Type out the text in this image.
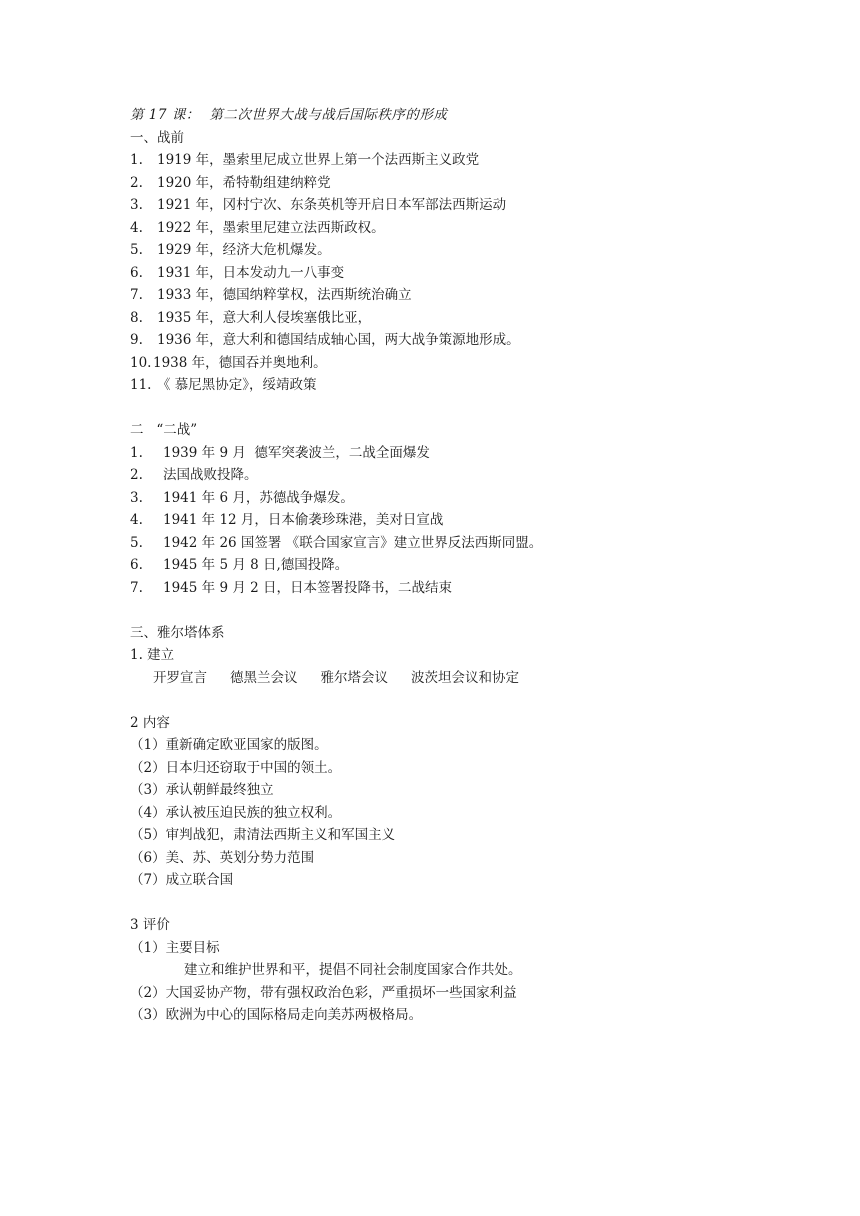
第 17 课：  第二次世界大战与战后国际秩序的形成
一、战前
1. 1919 年，墨索里尼成立世界上第一个法西斯主义政党
2. 1920 年，希特勒组建纳粹党
3. 1921 年，冈村宁次、东条英机等开启日本军部法西斯运动
4. 1922 年，墨索里尼建立法西斯政权。
5. 1929 年，经济大危机爆发。
6. 1931 年，日本发动九一八事变
7. 1933 年，德国纳粹掌权，法西斯统治确立
8. 1935 年，意大利人侵埃塞俄比亚，
9. 1936 年，意大利和德国结成轴心国，两大战争策源地形成。
10. 1938 年，德国吞并奥地利。
11. 《 慕尼黑协定》，绥靖政策
二   “二战”
1. 1939 年 9 月  德军突袭波兰，二战全面爆发
2. 法国战败投降。
3. 1941 年 6 月，苏德战争爆发。
4. 1941 年 12 月，日本偷袭珍珠港，美对日宣战
5. 1942 年 26 国签署 《联合国家宣言》建立世界反法西斯同盟。
6. 1945 年 5 月 8 日,德国投降。
7. 1945 年 9 月 2 日，日本签署投降书，二战结束
三、雅尔塔体系
1. 建立
开罗宣言 德黑兰会议 雅尔塔会议 波茨坦会议和协定
2 内容
（1）重新确定欧亚国家的版图。
（2）日本归还窃取于中国的领土。
（3）承认朝鲜最终独立
（4）承认被压迫民族的独立权利。
（5）审判战犯，肃清法西斯主义和军国主义
（6）美、苏、英划分势力范围
（7）成立联合国
3 评价
（1）主要目标
建立和维护世界和平，提倡不同社会制度国家合作共处。
（2）大国妥协产物，带有强权政治色彩，严重损坏一些国家利益
（3）欧洲为中心的国际格局走向美苏两极格局。
